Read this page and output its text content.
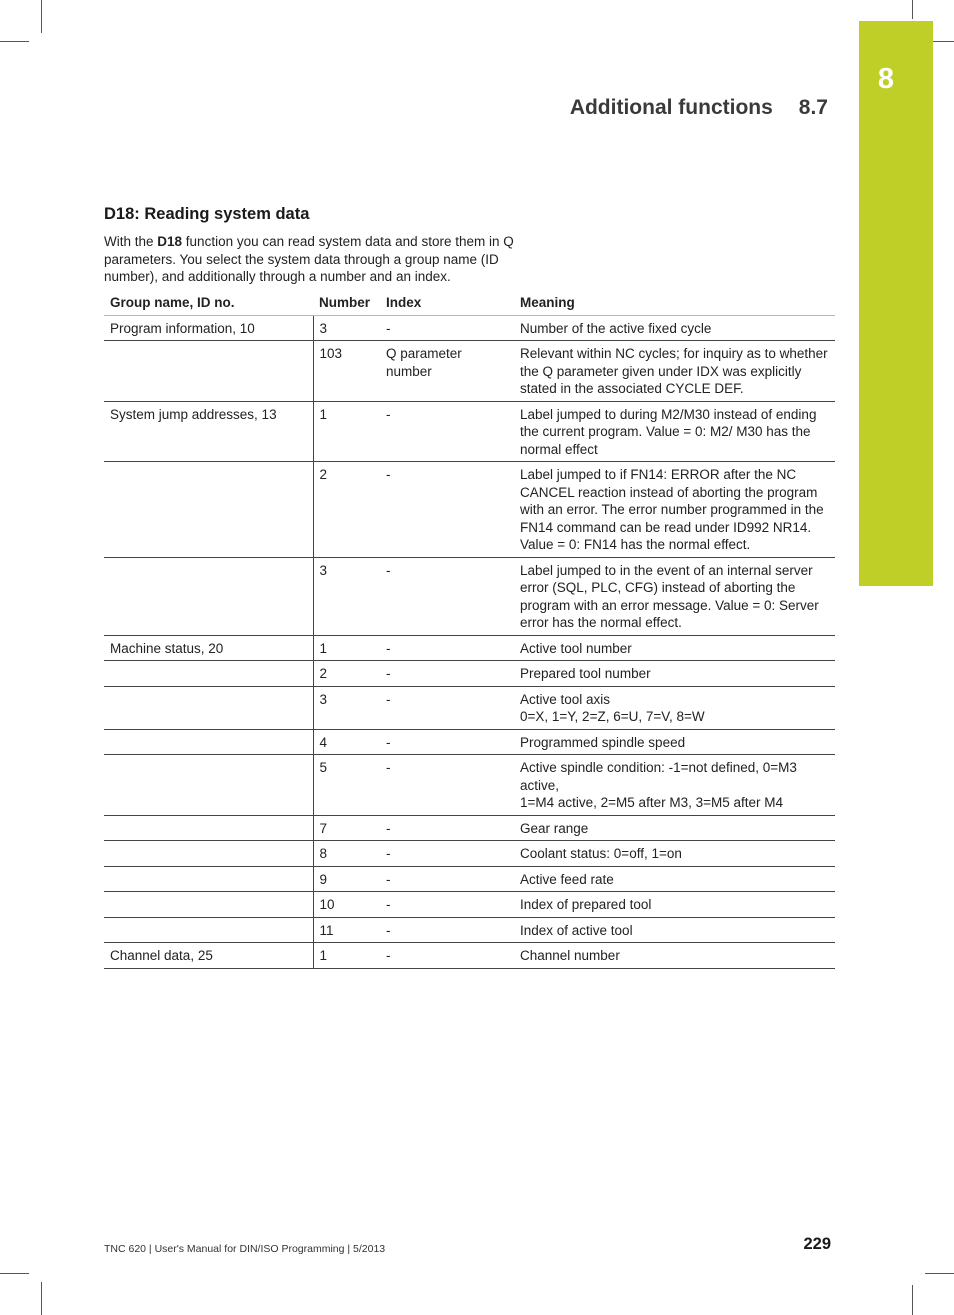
8
Additional functions 8.7
D18: Reading system data

With the D18 function you can read system data and store them in Q parameters. You select the system data through a group name (ID number), and additionally through a number and an index.

Group name, ID no.	Number	Index	Meaning
Program information, 10	3	-	Number of the active fixed cycle
	103	Q parameter number	Relevant within NC cycles; for inquiry as to whether the Q parameter given under IDX was explicitly stated in the associated CYCLE DEF.
System jump addresses, 13	1	-	Label jumped to during M2/M30 instead of ending the current program. Value = 0: M2/ M30 has the normal effect
	2	-	Label jumped to if FN14: ERROR after the NC CANCEL reaction instead of aborting the program with an error. The error number programmed in the FN14 command can be read under ID992 NR14. Value = 0: FN14 has the normal effect.
	3	-	Label jumped to in the event of an internal server error (SQL, PLC, CFG) instead of aborting the program with an error message. Value = 0: Server error has the normal effect.
Machine status, 20	1	-	Active tool number
	2	-	Prepared tool number
	3	-	Active tool axis
0=X, 1=Y, 2=Z, 6=U, 7=V, 8=W

	4	-	Programmed spindle speed
	5	-	Active spindle condition: -1=not defined, 0=M3 active,
1=M4 active, 2=M5 after M3, 3=M5 after M4

	7	-	Gear range
	8	-	Coolant status: 0=off, 1=on
	9	-	Active feed rate
	10	-	Index of prepared tool
	11	-	Index of active tool
Channel data, 25	1	-	Channel number
TNC 620 | User's Manual for DIN/ISO Programming | 5/2013	229
